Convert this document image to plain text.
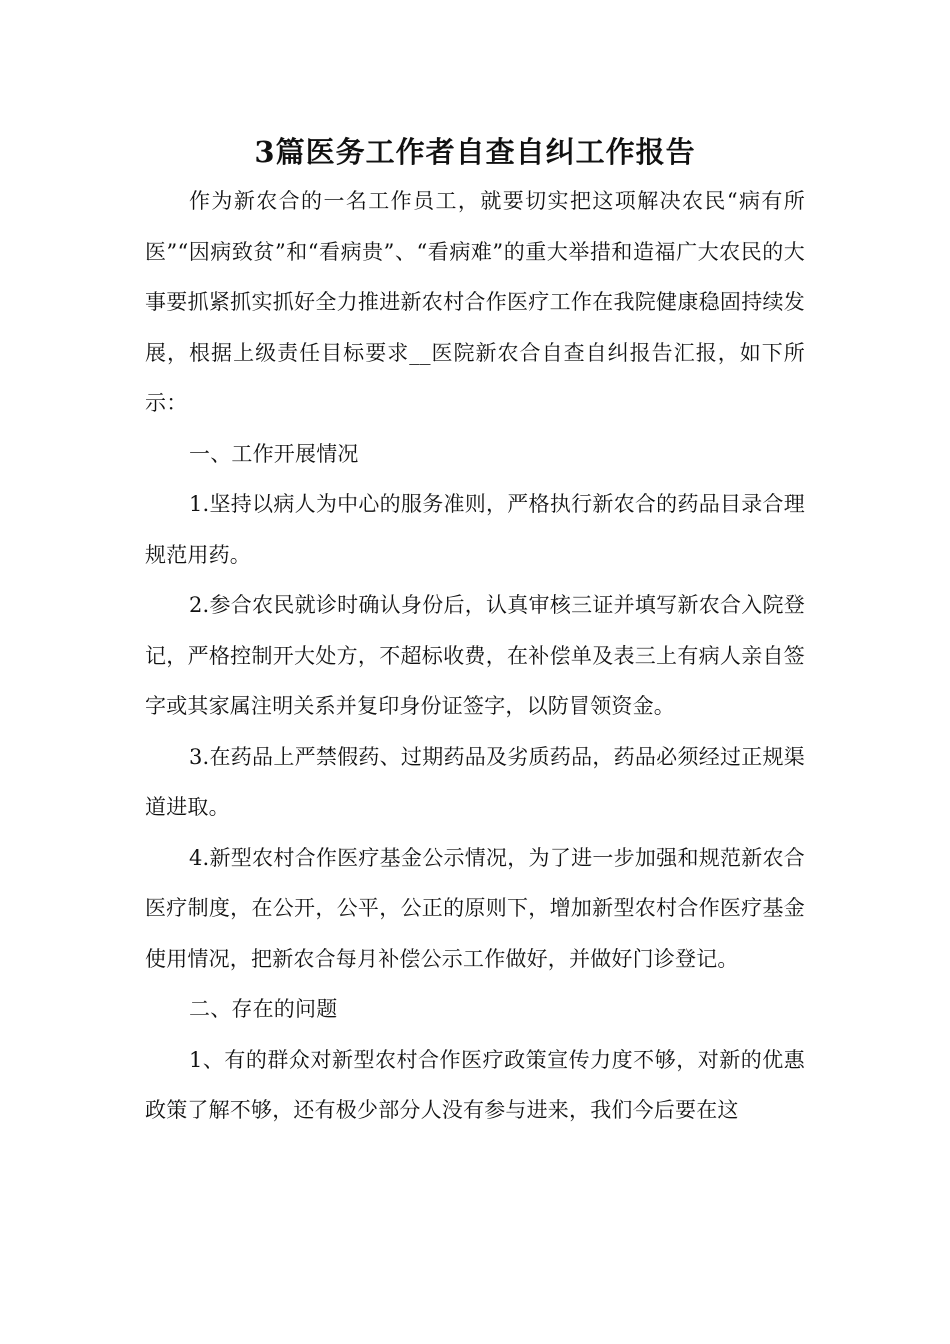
3篇医务工作者自查自纠工作报告

作为新农合的一名工作员工，就要切实把这项解决农民“病有所医”“因病致贫”和“看病贵”、“看病难”的重大举措和造福广大农民的大事要抓紧抓实抓好全力推进新农村合作医疗工作在我院健康稳固持续发展，根据上级责任目标要求__医院新农合自查自纠报告汇报，如下所示：

一、工作开展情况

1.坚持以病人为中心的服务准则，严格执行新农合的药品目录合理规范用药。

2.参合农民就诊时确认身份后，认真审核三证并填写新农合入院登记，严格控制开大处方，不超标收费，在补偿单及表三上有病人亲自签字或其家属注明关系并复印身份证签字，以防冒领资金。

3.在药品上严禁假药、过期药品及劣质药品，药品必须经过正规渠道进取。

4.新型农村合作医疗基金公示情况，为了进一步加强和规范新农合医疗制度，在公开，公平，公正的原则下，增加新型农村合作医疗基金使用情况，把新农合每月补偿公示工作做好，并做好门诊登记。

二、存在的问题

1、有的群众对新型农村合作医疗政策宣传力度不够，对新的优惠政策了解不够，还有极少部分人没有参与进来，我们今后要在这
